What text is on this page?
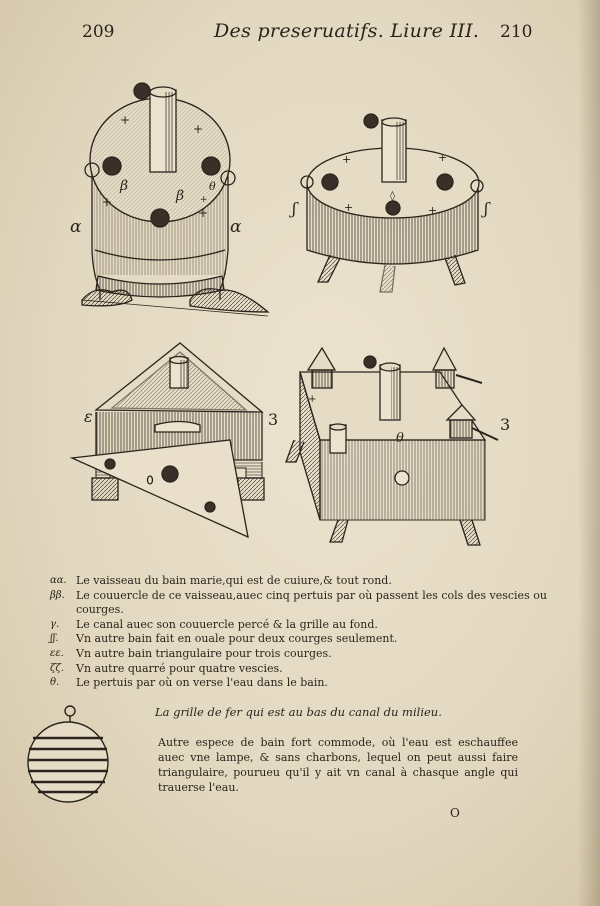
209	Des preseruatifs. Liure III. 210
+
+
+
+
+
α	α
β
β
θ
+	+
+	+
◊
ʃ	ʃ
ε	3
+
θ
3
αα. Le vaisseau du bain marie,qui est de cuiure,& tout rond.
ββ.	Le couuercle de ce vaisseau,auec cinq pertuis par où passent les cols des vescies ou
courges.
γ.	Le canal auec son couuercle percé & la grille au fond.
ʃʃ.	Vn autre bain fait en ouale pour deux courges seulement.
εε.	Vn autre bain triangulaire pour trois courges.
ζζ.	Vn autre quarré pour quatre vescies.
θ.	Le pertuis par où on verse l'eau dans le bain.
La grille de fer qui est au bas du canal du milieu.
Autre espece de bain fort commode, où l'eau est eschauffee auec vne lampe, & sans charbons, lequel on peut aussi faire triangulaire, pourueu qu'il y ait vn canal à chasque angle qui trauerse l'eau.
O
